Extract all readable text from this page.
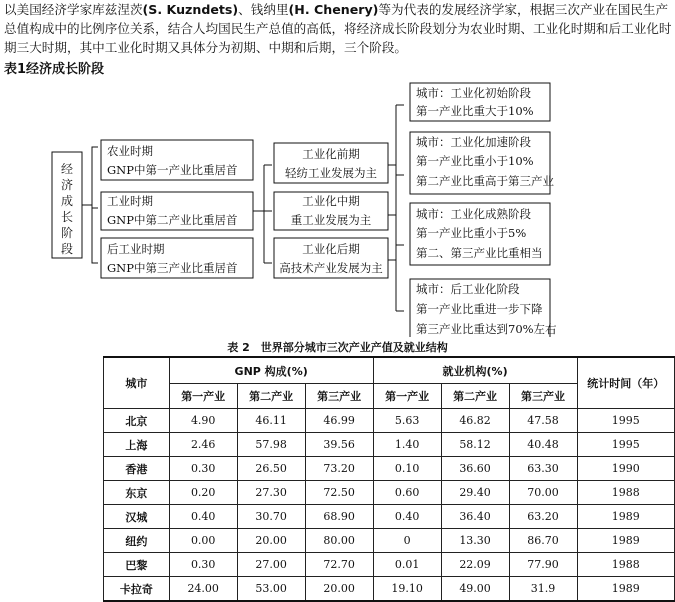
以美国经济学家库兹涅茨(S. Kuzndets)、钱纳里(H. Chenery)等为代表的发展经济学家，根据三次产业在国民生产总值构成中的比例序位关系，结合人均国民生产总值的高低，将经济成长阶段划分为农业时期、工业化时期和后工业化时期三大时期，其中工业化时期又具体分为初期、中期和后期，三个阶段。

表1经济成长阶段
经
济
成
长
阶
段
农业时期
GNP中第一产业比重居首
工业时期
GNP中第二产业比重居首
后工业时期
GNP中第三产业比重居首
工业化前期
轻纺工业发展为主
工业化中期
重工业发展为主
工业化后期
高技术产业发展为主
城市：工业化初始阶段
第一产业比重大于10%
城市：工业化加速阶段
第一产业比重小于10%
第二产业比重高于第三产业
城市：工业化成熟阶段
第一产业比重小于5%
第二、第三产业比重相当
城市：后工业化阶段
第一产业比重进一步下降
第三产业比重达到70%左右
表 2　世界部分城市三次产业产值及就业结构
城市	GNP 构成(%)			就业机构(%)			统计时间（年）
	第一产业	第二产业	第三产业	第一产业	第二产业	第三产业	
北京	4.90	46.11	46.99	5.63	46.82	47.58	1995
上海	2.46	57.98	39.56	1.40	58.12	40.48	1995
香港	0.30	26.50	73.20	0.10	36.60	63.30	1990
东京	0.20	27.30	72.50	0.60	29.40	70.00	1988
汉城	0.40	30.70	68.90	0.40	36.40	63.20	1989
纽约	0.00	20.00	80.00	0	13.30	86.70	1989
巴黎	0.30	27.00	72.70	0.01	22.09	77.90	1988
卡拉奇	24.00	53.00	20.00	19.10	49.00	31.9	1989
